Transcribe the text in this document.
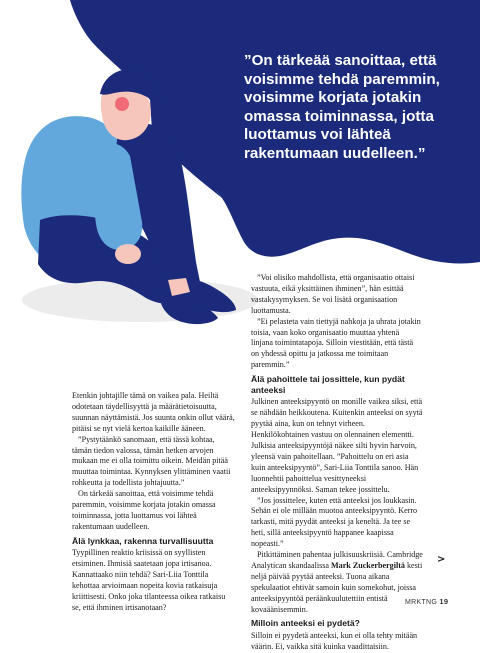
”On tärkeää sanoittaa, että voisimme tehdä paremmin, voisimme korjata jotakin omassa toiminnassa, jotta luottamus voi lähteä rakentumaan uudelleen.”

Etenkin johtajille tämä on vaikea pala. Heiltä odotetaan täydellisyyttä ja määrätietoisuutta, suunnan näyttämistä. Jos suunta onkin ollut väärä, pitäisi se nyt vielä kertoa kaikille ääneen.

”Pystytäänkö sanomaan, että tässä kohtaa, tämän tiedon valossa, tämän hetken arvojen mukaan me ei olla toimittu oikein. Meidän pitää muuttaa toimintaa. Kynnyksen ylittäminen vaatii rohkeutta ja todellista johtajuutta.”

On tärkeää sanoittaa, että voisimme tehdä paremmin, voisimme korjata jotakin omassa toiminnassa, jotta luottamus voi lähteä rakentumaan uudelleen.

Älä lynkkaa, rakenna turvallisuutta

Tyypillinen reaktio kriisissä on syyllisten etsiminen. Ihmisiä saatetaan jopa irtisanoa. Kannattaako niin tehdä? Sari-Liia Tonttila kehottaa arvioimaan nopeita kovia ratkaisuja kriittisesti. Onko joka tilanteessa oikea ratkaisu se, että ihminen irtisanotaan?

”Voi olisiko mahdollista, että organisaatio ottaisi vastuuta, eikä yksittäinen ihminen”, hän esittää vastakysymyksen. Se voi lisätä organisaation luottamusta.

”Ei pelasteta vain tiettyjä nahkoja ja uhrata jotakin toisia, vaan koko organisaatio muuttaa yhtenä linjana toimintatapoja. Silloin viestitään, että tästä on yhdessä opittu ja jatkossa me toimitaan paremmin.”

Älä pahoittele tai jossittele, kun pydät anteeksi

Julkinen anteeksipyyntö on monille vaikea siksi, että se nähdään heikkoutena. Kuitenkin anteeksi on syytä pyytää aina, kun on tehnyt virheen. Henkilökohtainen vastuu on olennainen elementti. Julkisia anteeksipyyntöjä näkee silti hyvin harvoin, yleensä vain pahoitellaan. ”Pahoittelu on eri asia kuin anteeksipyyntö”, Sari-Liia Tonttila sanoo. Hän luonnehtii pahoittelua vesittyneeksi anteeksipyynnöksi. Saman tekee jossittelu.

”Jos jossittelee, kuten että anteeksi jos loukkasin. Sehän ei ole millään muotoa anteeksipyyntö. Kerro tarkasti, mitä pyydät anteeksi ja keneltä. Ja tee se heti, sillä anteeksipyyntö happanee kaapissa nopeasti.”

Pitkittäminen pahentaa julkisuuskriisiä. Cambridge Analytican skandaalissa Mark Zuckerbergiltä kesti neljä päivää pyytää anteeksi. Tuona aikana spekulaatiot ehtivät samoin kuin somekohut, joissa anteeksipyyntöä peräänkuulutettiin entistä kovaäänisemmin.

Milloin anteeksi ei pydetä?

Silloin ei pyydetä anteeksi, kun ei olla tehty mitään väärin. Ei, vaikka sitä kuinka vaadittaisiin.

>
MRKTNG 19
